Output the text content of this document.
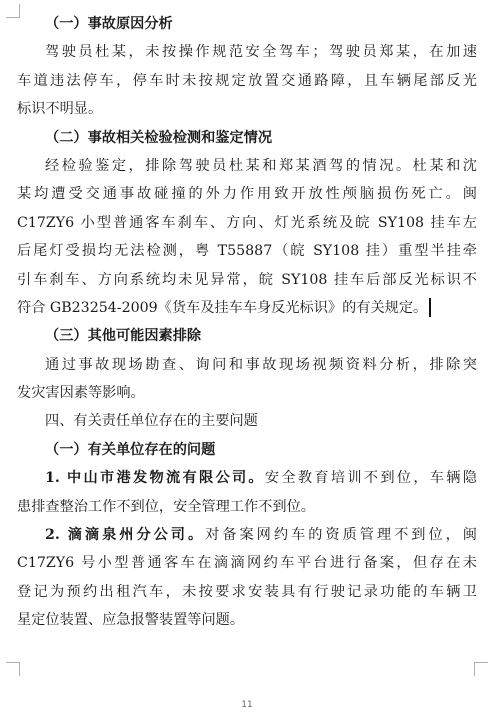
（一）事故原因分析
驾驶员杜某，未按操作规范安全驾车；驾驶员郑某，在加速
车道违法停车，停车时未按规定放置交通路障，且车辆尾部反光
标识不明显。
（二）事故相关检验检测和鉴定情况
经检验鉴定，排除驾驶员杜某和郑某酒驾的情况。杜某和沈
某均遭受交通事故碰撞的外力作用致开放性颅脑损伤死亡。闽
C17ZY6 小型普通客车刹车、方向、灯光系统及皖 SY108 挂车左
后尾灯受损均无法检测，粤 T55887（皖 SY108 挂）重型半挂牵
引车刹车、方向系统均未见异常，皖 SY108 挂车后部反光标识不
符合 GB23254-2009《货车及挂车车身反光标识》的有关规定。
（三）其他可能因素排除
通过事故现场勘查、询问和事故现场视频资料分析，排除突
发灾害因素等影响。
四、有关责任单位存在的主要问题
（一）有关单位存在的问题
1. 中山市港发物流有限公司。安全教育培训不到位，车辆隐
患排查整治工作不到位，安全管理工作不到位。
2. 滴滴泉州分公司。对备案网约车的资质管理不到位，闽
C17ZY6 号小型普通客车在滴滴网约车平台进行备案，但存在未
登记为预约出租汽车，未按要求安装具有行驶记录功能的车辆卫
星定位装置、应急报警装置等问题。
11
